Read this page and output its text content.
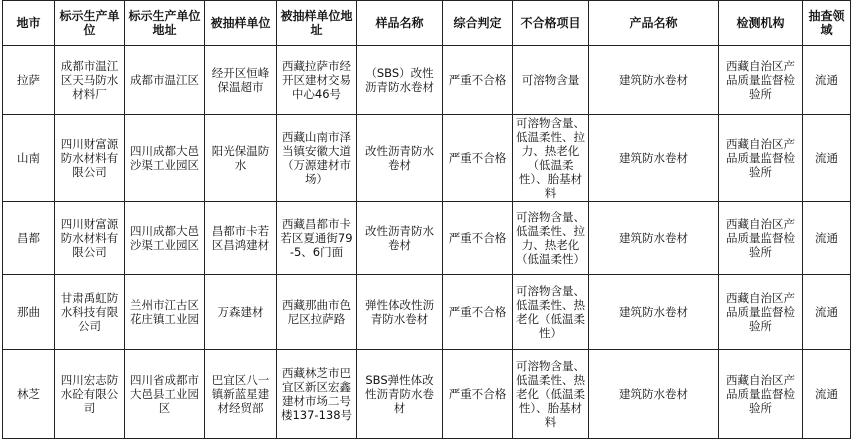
地市	标示生产单位	标示生产单位地址	被抽样单位	被抽样单位地址	样品名称	综合判定	不合格项目	产品名称	检测机构	抽查领域
拉萨	成都市温江区天马防水材料厂	成都市温江区	经开区恒峰保温超市	西藏拉萨市经开区建材交易中心46号	（SBS）改性沥青防水卷材	严重不合格	可溶物含量	建筑防水卷材	西藏自治区产品质量监督检验所	流通
山南	四川财富源防水材料有限公司	四川成都大邑沙渠工业园区	阳光保温防水	西藏山南市泽当镇安徽大道（万源建材市场）	改性沥青防水卷材	严重不合格	可溶物含量、低温柔性、拉力、热老化（低温柔性）、胎基材料	建筑防水卷材	西藏自治区产品质量监督检验所	流通
昌都	四川财富源防水材料有限公司	四川成都大邑沙渠工业园区	昌都市卡若区昌鸿建材	西藏昌都市卡若区夏通街79-5、6门面	改性沥青防水卷材	严重不合格	可溶物含量、低温柔性、拉力、热老化（低温柔性）	建筑防水卷材	西藏自治区产品质量监督检验所	流通
那曲	甘肃禹虹防水科技有限公司	兰州市江古区花庄镇工业园	万森建材	西藏那曲市色尼区拉萨路	弹性体改性沥青防水卷材	严重不合格	可溶物含量、低温柔性、热老化（低温柔性）	建筑防水卷材	西藏自治区产品质量监督检验所	流通
林芝	四川宏志防水砼有限公司	四川省成都市大邑县工业园区	巴宜区八一镇新蓝星建材经贸部	西藏林芝市巴宜区新区宏鑫建材市场二号楼137-138号	SBS弹性体改性沥青防水卷材	严重不合格	可溶物含量、低温柔性、热老化（低温柔性）、胎基材料	建筑防水卷材	西藏自治区产品质量监督检验所	流通
